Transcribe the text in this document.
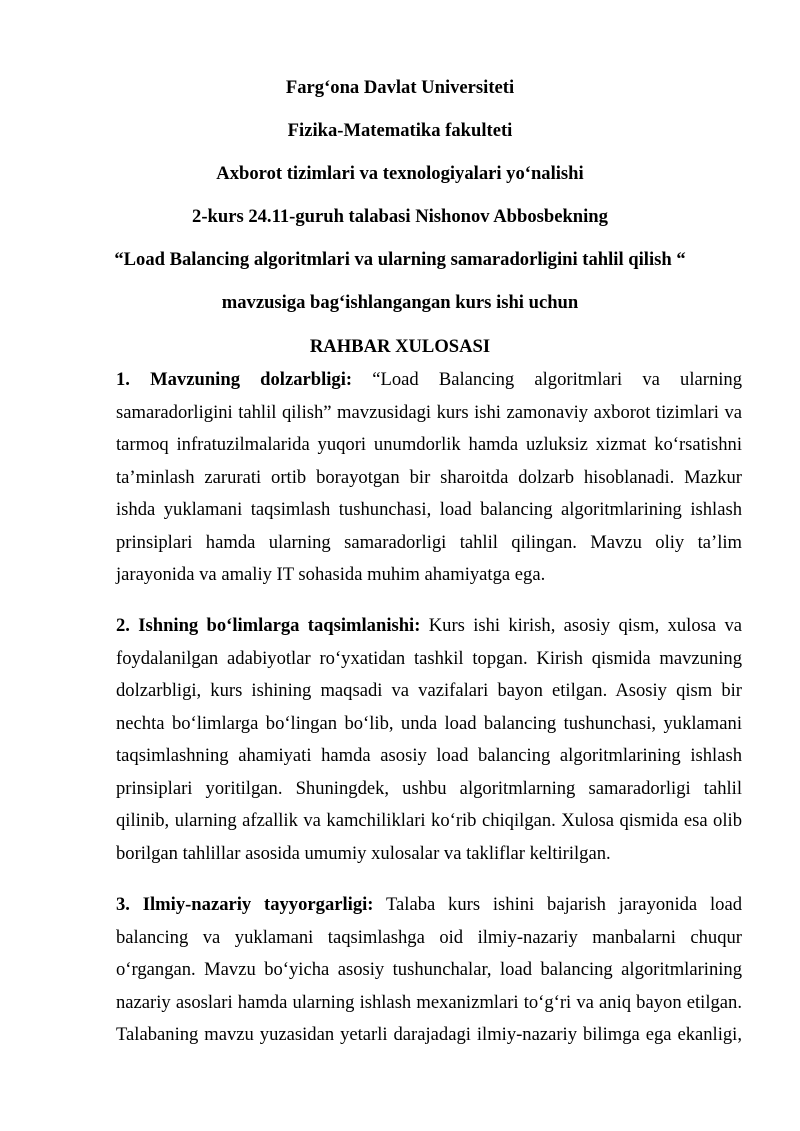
Farg‘ona Davlat Universiteti
Fizika-Matematika fakulteti
Axborot tizimlari va texnologiyalari yo‘nalishi
2-kurs 24.11-guruh talabasi Nishonov Abbosbekning
“Load Balancing algoritmlari va ularning samaradorligini tahlil qilish “
mavzusiga bag‘ishlangangan kurs ishi uchun
RAHBAR XULOSASI

1. Mavzuning dolzarbligi: “Load Balancing algoritmlari va ularning samaradorligini tahlil qilish” mavzusidagi kurs ishi zamonaviy axborot tizimlari va tarmoq infratuzilmalarida yuqori unumdorlik hamda uzluksiz xizmat ko‘rsatishni ta’minlash zarurati ortib borayotgan bir sharoitda dolzarb hisoblanadi. Mazkur ishda yuklamani taqsimlash tushunchasi, load balancing algoritmlarining ishlash prinsiplari hamda ularning samaradorligi tahlil qilingan. Mavzu oliy ta’lim jarayonida va amaliy IT sohasida muhim ahamiyatga ega.

2. Ishning bo‘limlarga taqsimlanishi: Kurs ishi kirish, asosiy qism, xulosa va foydalanilgan adabiyotlar ro‘yxatidan tashkil topgan. Kirish qismida mavzuning dolzarbligi, kurs ishining maqsadi va vazifalari bayon etilgan. Asosiy qism bir nechta bo‘limlarga bo‘lingan bo‘lib, unda load balancing tushunchasi, yuklamani taqsimlashning ahamiyati hamda asosiy load balancing algoritmlarining ishlash prinsiplari yoritilgan. Shuningdek, ushbu algoritmlarning samaradorligi tahlil qilinib, ularning afzallik va kamchiliklari ko‘rib chiqilgan. Xulosa qismida esa olib borilgan tahlillar asosida umumiy xulosalar va takliflar keltirilgan.

3. Ilmiy-nazariy tayyorgarligi: Talaba kurs ishini bajarish jarayonida load balancing va yuklamani taqsimlashga oid ilmiy-nazariy manbalarni chuqur o‘rgangan. Mavzu bo‘yicha asosiy tushunchalar, load balancing algoritmlarining nazariy asoslari hamda ularning ishlash mexanizmlari to‘g‘ri va aniq bayon etilgan. Talabaning mavzu yuzasidan yetarli darajadagi ilmiy-nazariy bilimga ega ekanligi,
